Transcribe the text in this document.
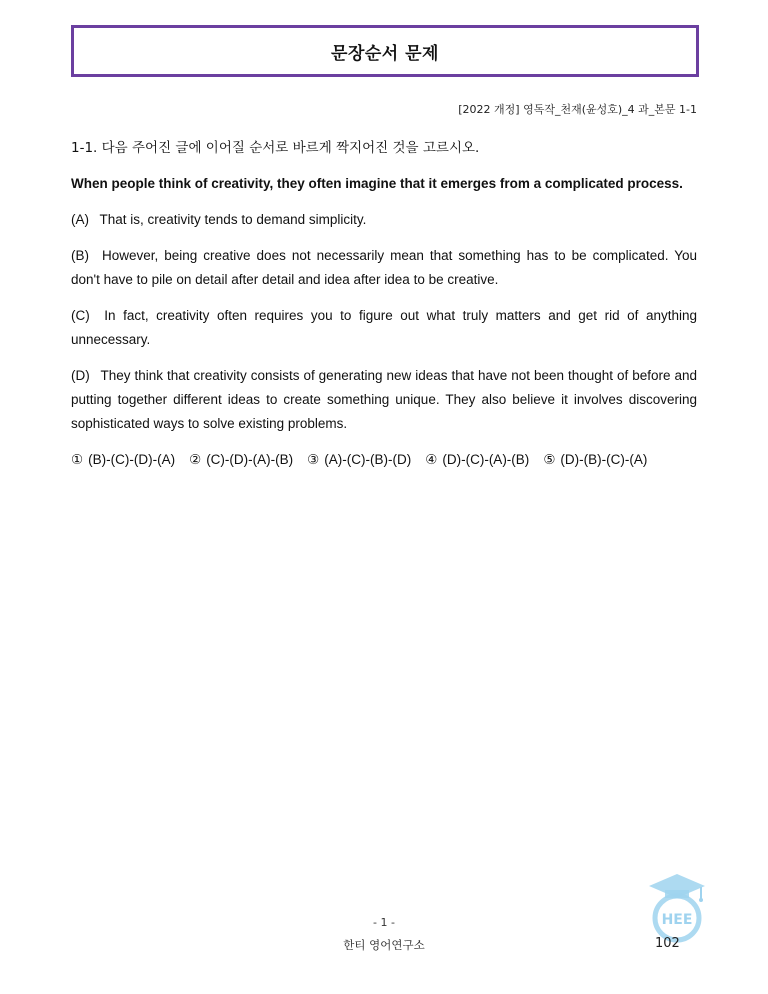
문장순서 문제
[2022 개정] 영독작_천재(윤성호)_4 과_본문 1-1
1-1. 다음 주어진 글에 이어질 순서로 바르게 짝지어진 것을 고르시오.
When people think of creativity, they often imagine that it emerges from a complicated process.
(A) That is, creativity tends to demand simplicity.
(B) However, being creative does not necessarily mean that something has to be complicated. You don't have to pile on detail after detail and idea after idea to be creative.
(C) In fact, creativity often requires you to figure out what truly matters and get rid of anything unnecessary.
(D) They think that creativity consists of generating new ideas that have not been thought of before and putting together different ideas to create something unique. They also believe it involves discovering sophisticated ways to solve existing problems.
① (B)-(C)-(D)-(A) ② (C)-(D)-(A)-(B) ③ (A)-(C)-(B)-(D) ④ (D)-(C)-(A)-(B) ⑤ (D)-(B)-(C)-(A)
- 1 -
한티 영어연구소
HEE
102
